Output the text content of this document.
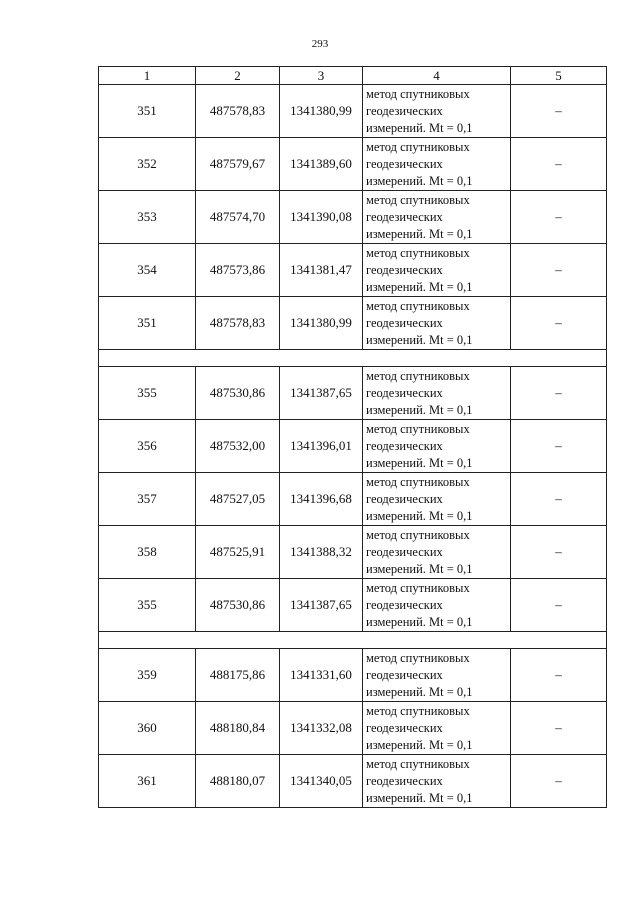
293
1	2	3	4	5
351	487578,83	1341380,99	метод спутниковых
геодезических
измерений. Mt = 0,1	–
352	487579,67	1341389,60	метод спутниковых
геодезических
измерений. Mt = 0,1	–
353	487574,70	1341390,08	метод спутниковых
геодезических
измерений. Mt = 0,1	–
354	487573,86	1341381,47	метод спутниковых
геодезических
измерений. Mt = 0,1	–
351	487578,83	1341380,99	метод спутниковых
геодезических
измерений. Mt = 0,1	–

355	487530,86	1341387,65	метод спутниковых
геодезических
измерений. Mt = 0,1	–
356	487532,00	1341396,01	метод спутниковых
геодезических
измерений. Mt = 0,1	–
357	487527,05	1341396,68	метод спутниковых
геодезических
измерений. Mt = 0,1	–
358	487525,91	1341388,32	метод спутниковых
геодезических
измерений. Mt = 0,1	–
355	487530,86	1341387,65	метод спутниковых
геодезических
измерений. Mt = 0,1	–

359	488175,86	1341331,60	метод спутниковых
геодезических
измерений. Mt = 0,1	–
360	488180,84	1341332,08	метод спутниковых
геодезических
измерений. Mt = 0,1	–
361	488180,07	1341340,05	метод спутниковых
геодезических
измерений. Mt = 0,1	–
